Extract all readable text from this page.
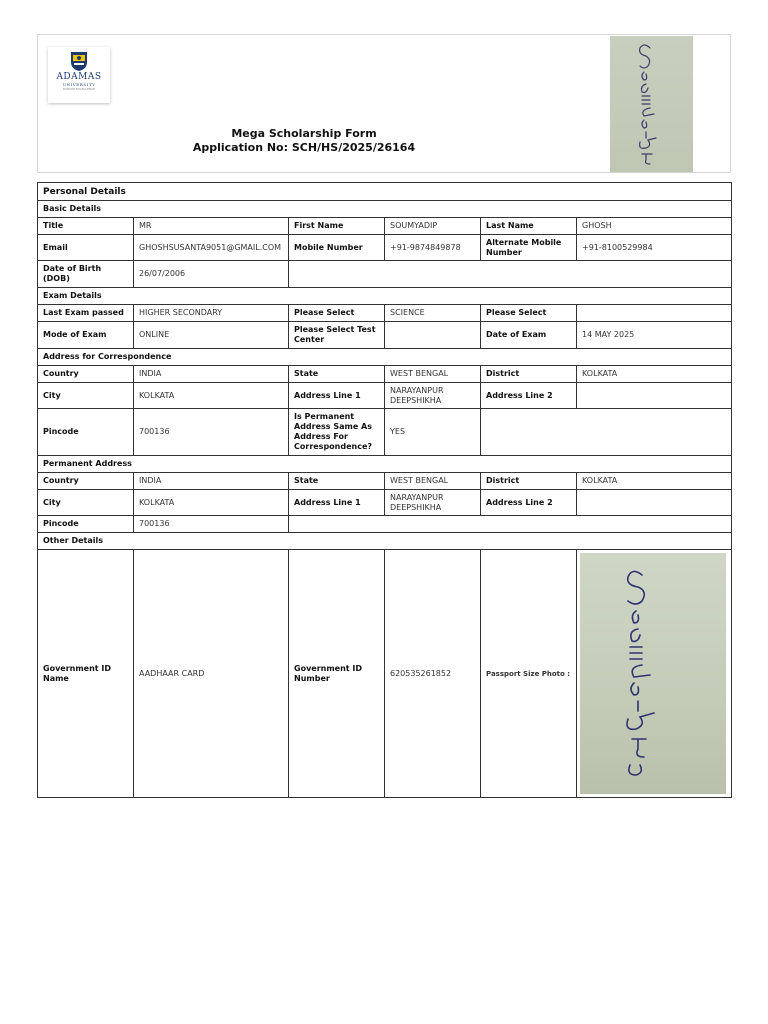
ADAMAS
UNIVERSITY
PURSUE EXCELLENCE
Mega Scholarship Form
Application No: SCH/HS/2025/26164
Personal Details					
Basic Details					
Title	MR	First Name	SOUMYADIP	Last Name	GHOSH
Email	GHOSHSUSANTA9051@GMAIL.COM	Mobile Number	+91-9874849878	Alternate Mobile Number	+91-8100529984
Date of Birth (DOB)	26/07/2006				
Exam Details					
Last Exam passed	HIGHER SECONDARY	Please Select	SCIENCE	Please Select	
Mode of Exam	ONLINE	Please Select Test Center		Date of Exam	14 MAY 2025
Address for Correspondence					
Country	INDIA	State	WEST BENGAL	District	KOLKATA
City	KOLKATA	Address Line 1	NARAYANPUR DEEPSHIKHA	Address Line 2	
Pincode	700136	Is Permanent Address Same As Address For Correspondence?	YES		
Permanent Address					
Country	INDIA	State	WEST BENGAL	District	KOLKATA
City	KOLKATA	Address Line 1	NARAYANPUR DEEPSHIKHA	Address Line 2	
Pincode	700136				
Other Details					
Government ID Name	AADHAAR CARD	Government ID Number	620535261852	Passport Size Photo :	
